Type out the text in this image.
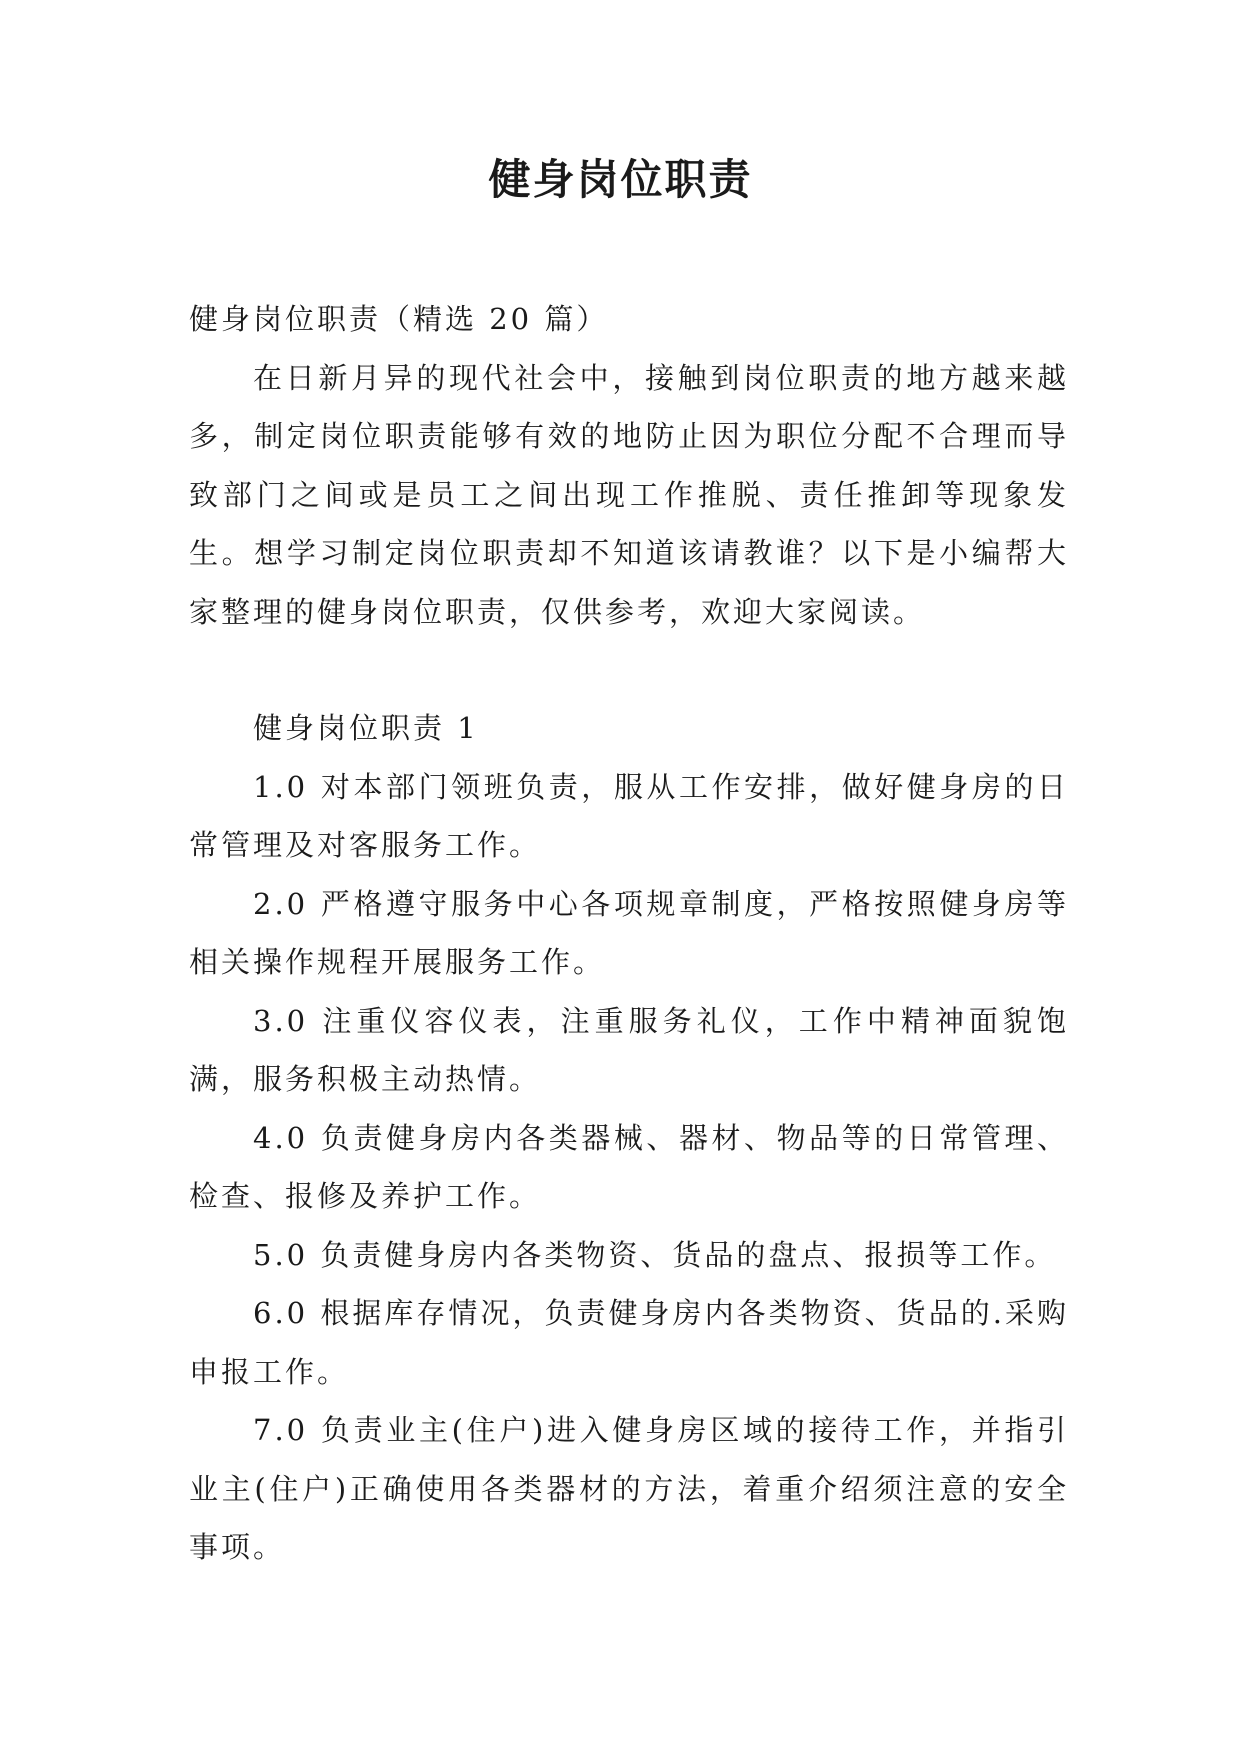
健身岗位职责

健身岗位职责（精选 20 篇）

在日新月异的现代社会中，接触到岗位职责的地方越来越多，制定岗位职责能够有效的地防止因为职位分配不合理而导致部门之间或是员工之间出现工作推脱、责任推卸等现象发生。想学习制定岗位职责却不知道该请教谁？以下是小编帮大家整理的健身岗位职责，仅供参考，欢迎大家阅读。

健身岗位职责 1

1.0 对本部门领班负责，服从工作安排，做好健身房的日常管理及对客服务工作。

2.0 严格遵守服务中心各项规章制度，严格按照健身房等相关操作规程开展服务工作。

3.0 注重仪容仪表，注重服务礼仪，工作中精神面貌饱满，服务积极主动热情。

4.0 负责健身房内各类器械、器材、物品等的日常管理、检查、报修及养护工作。

5.0 负责健身房内各类物资、货品的盘点、报损等工作。

6.0 根据库存情况，负责健身房内各类物资、货品的.采购申报工作。

7.0 负责业主(住户)进入健身房区域的接待工作，并指引业主(住户)正确使用各类器材的方法，着重介绍须注意的安全事项。
